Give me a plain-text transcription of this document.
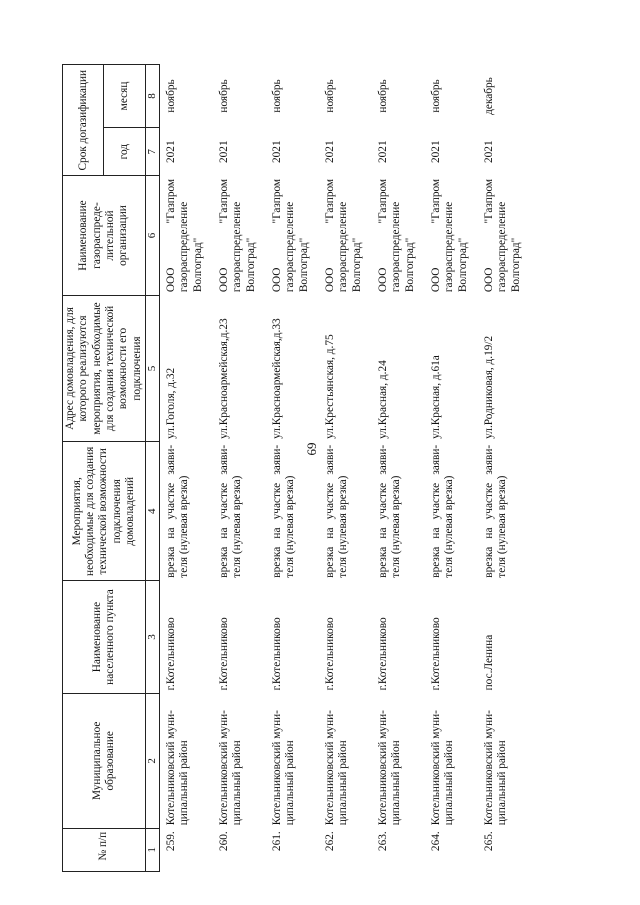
69
№ п/п	Муниципальное образование	Наименование населенного пункта	Мероприятия, необходимые для создания технической возможности подключения домовладений	Адрес домовладения, для которого реализуются мероприятия, необходимые для создания технической возможности его подключения	Наименование газораспреде-лительной организации	Срок догазификации	
						год	месяц
1	2	3	4	5	6	7	8
259.	Котельниковский муни-ципальный район	г.Котельниково	врезка на участке заяви-теля (нулевая врезка)	ул.Гоголя, д.32	ООО "Газпром газораспределение Волгоград"	2021	ноябрь
260.	Котельниковский муни-ципальный район	г.Котельниково	врезка на участке заяви-теля (нулевая врезка)	ул.Красноармейская,д.23	ООО "Газпром газораспределение Волгоград"	2021	ноябрь
261.	Котельниковский муни-ципальный район	г.Котельниково	врезка на участке заяви-теля (нулевая врезка)	ул.Красноармейская,д.33	ООО "Газпром газораспределение Волгоград"	2021	ноябрь
262.	Котельниковский муни-ципальный район	г.Котельниково	врезка на участке заяви-теля (нулевая врезка)	ул.Крестьянская, д.75	ООО "Газпром газораспределение Волгоград"	2021	ноябрь
263.	Котельниковский муни-ципальный район	г.Котельниково	врезка на участке заяви-теля (нулевая врезка)	ул.Красная, д.24	ООО "Газпром газораспределение Волгоград"	2021	ноябрь
264.	Котельниковский муни-ципальный район	г.Котельниково	врезка на участке заяви-теля (нулевая врезка)	ул.Красная, д.61а	ООО "Газпром газораспределение Волгоград"	2021	ноябрь
265.	Котельниковский муни-ципальный район	пос.Ленина	врезка на участке заяви-теля (нулевая врезка)	ул.Родниковая, д.19/2	ООО "Газпром газораспределение Волгоград"	2021	декабрь
